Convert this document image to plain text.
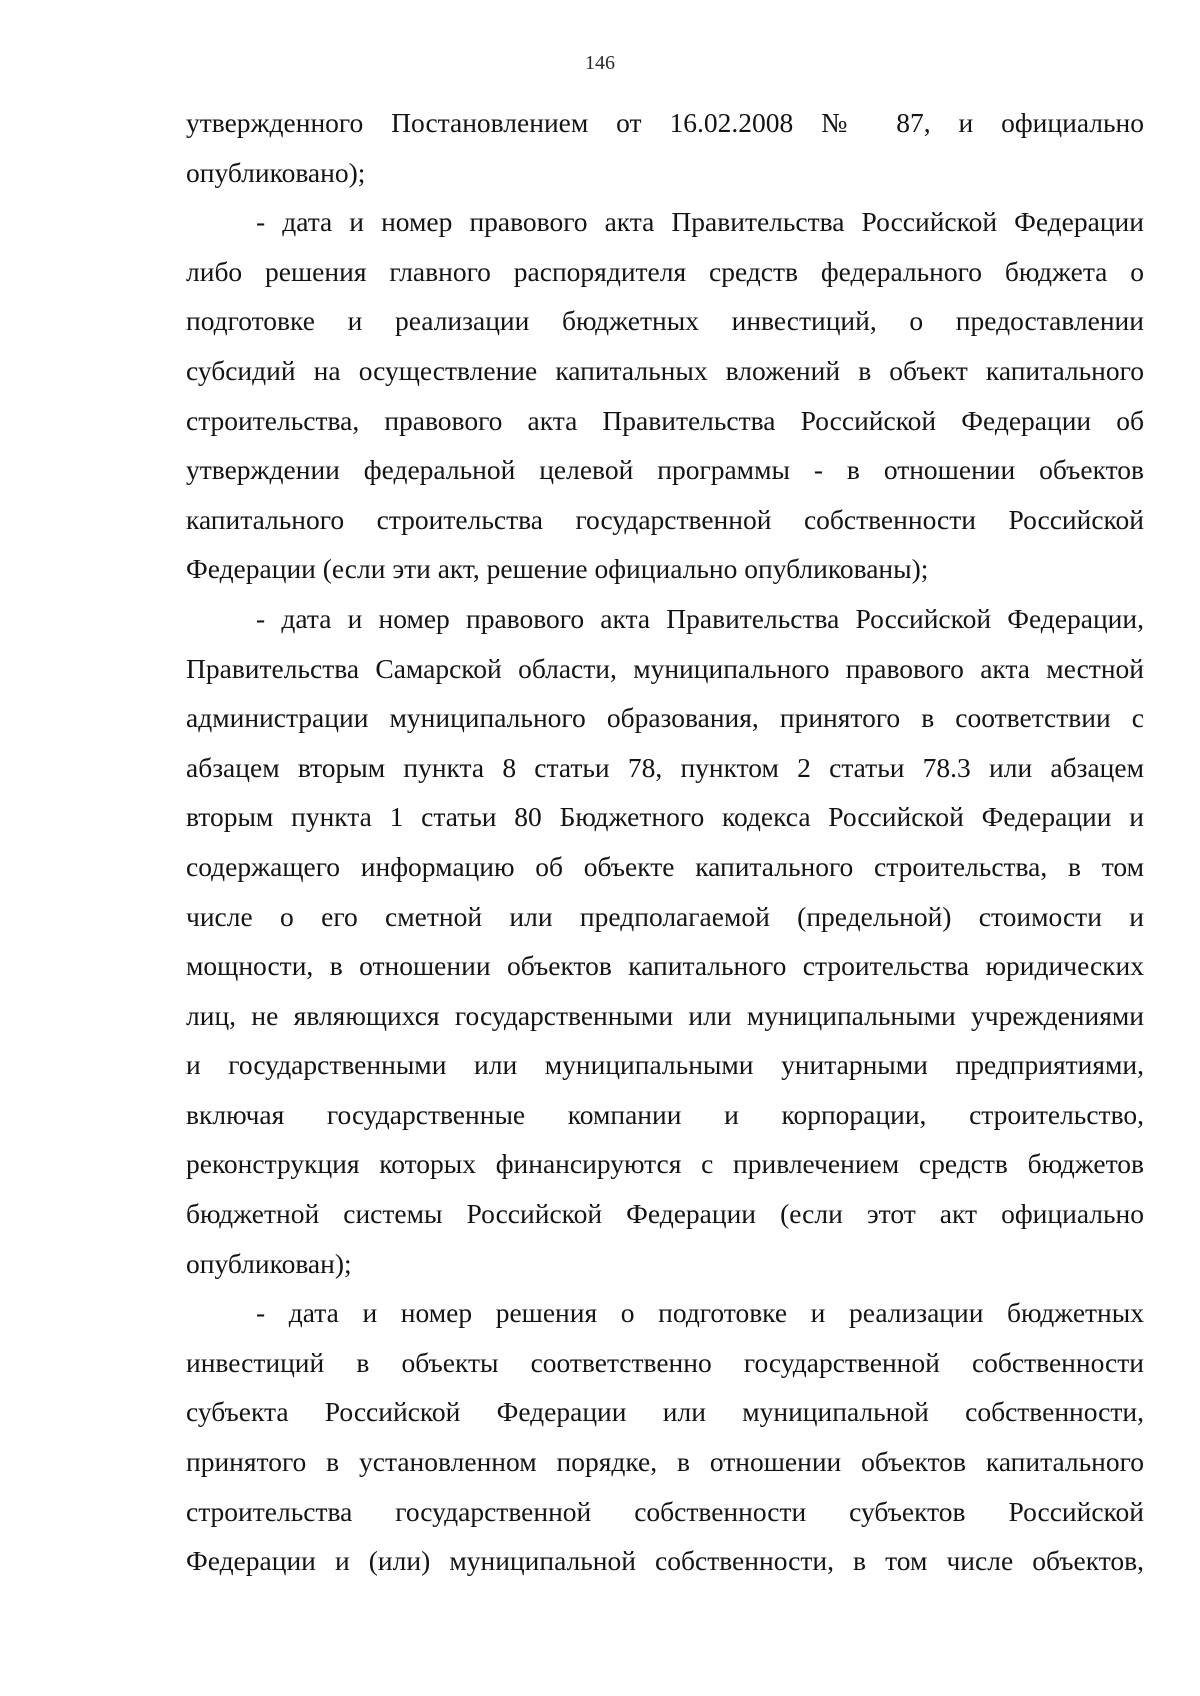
146
утвержденного Постановлением от 16.02.2008 № 87, и официально
опубликовано);
- дата и номер правового акта Правительства Российской Федерации
либо решения главного распорядителя средств федерального бюджета о
подготовке и реализации бюджетных инвестиций, о предоставлении
субсидий на осуществление капитальных вложений в объект капитального
строительства, правового акта Правительства Российской Федерации об
утверждении федеральной целевой программы - в отношении объектов
капитального строительства государственной собственности Российской
Федерации (если эти акт, решение официально опубликованы);
- дата и номер правового акта Правительства Российской Федерации,
Правительства Самарской области, муниципального правового акта местной
администрации муниципального образования, принятого в соответствии с
абзацем вторым пункта 8 статьи 78, пунктом 2 статьи 78.3 или абзацем
вторым пункта 1 статьи 80 Бюджетного кодекса Российской Федерации и
содержащего информацию об объекте капитального строительства, в том
числе о его сметной или предполагаемой (предельной) стоимости и
мощности, в отношении объектов капитального строительства юридических
лиц, не являющихся государственными или муниципальными учреждениями
и государственными или муниципальными унитарными предприятиями,
включая государственные компании и корпорации, строительство,
реконструкция которых финансируются с привлечением средств бюджетов
бюджетной системы Российской Федерации (если этот акт официально
опубликован);
- дата и номер решения о подготовке и реализации бюджетных
инвестиций в объекты соответственно государственной собственности
субъекта Российской Федерации или муниципальной собственности,
принятого в установленном порядке, в отношении объектов капитального
строительства государственной собственности субъектов Российской
Федерации и (или) муниципальной собственности, в том числе объектов,
